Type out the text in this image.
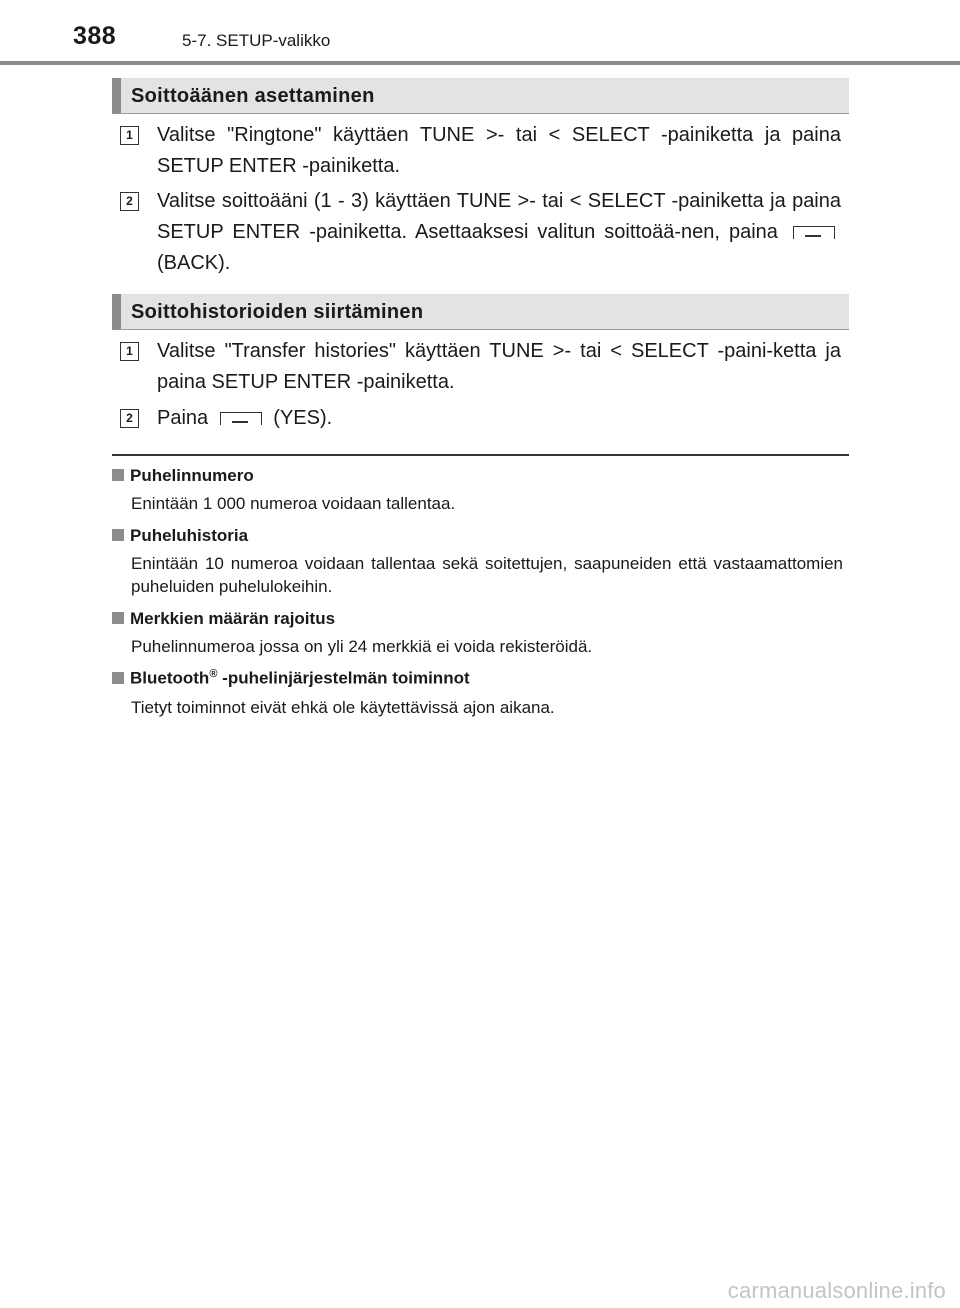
388	5-7. SETUP-valikko
Soittoäänen asettaminen
1	Valitse "Ringtone" käyttäen TUNE >- tai < SELECT -painiketta ja paina SETUP ENTER -painiketta.
2	Valitse soittoääni (1 - 3) käyttäen TUNE >- tai < SELECT -painiketta ja paina SETUP ENTER -painiketta. Asettaaksesi valitun soittoää-nen, paina  (BACK).
Soittohistorioiden siirtäminen
1	Valitse "Transfer histories" käyttäen TUNE >- tai < SELECT -paini-ketta ja paina SETUP ENTER -painiketta.
2	Paina	(YES).
Puhelinnumero
Enintään 1 000 numeroa voidaan tallentaa.
Puheluhistoria
Enintään 10 numeroa voidaan tallentaa sekä soitettujen, saapuneiden että vastaamattomien puheluiden puhelulokeihin.
Merkkien määrän rajoitus
Puhelinnumeroa jossa on yli 24 merkkiä ei voida rekisteröidä.
Bluetooth® -puhelinjärjestelmän toiminnot
Tietyt toiminnot eivät ehkä ole käytettävissä ajon aikana.
carmanualsonline.info
